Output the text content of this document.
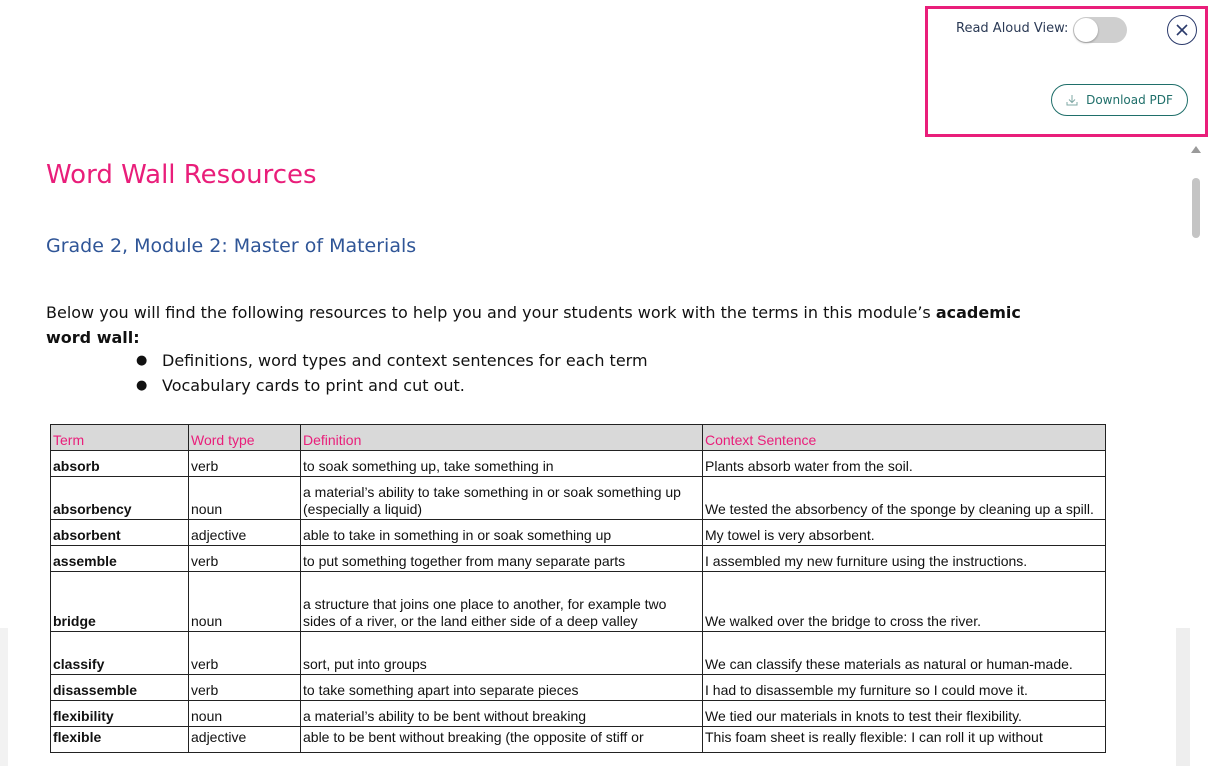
Read Aloud View:
Download PDF
Word Wall Resources
Grade 2, Module 2: Master of Materials
Below you will find the following resources to help you and your students work with the terms in this module’s academic word wall:
● Definitions, word types and context sentences for each term
● Vocabulary cards to print and cut out.
Term	Word type	Definition	Context Sentence
absorb	verb	to soak something up, take something in	Plants absorb water from the soil.
absorbency	noun	a material’s ability to take something in or soak something up (especially a liquid)	We tested the absorbency of the sponge by cleaning up a spill.
absorbent	adjective	able to take in something in or soak something up	My towel is very absorbent.
assemble	verb	to put something together from many separate parts	I assembled my new furniture using the instructions.
bridge	noun	a structure that joins one place to another, for example two sides of a river, or the land either side of a deep valley	We walked over the bridge to cross the river.
classify	verb	sort, put into groups	We can classify these materials as natural or human-made.
disassemble	verb	to take something apart into separate pieces	I had to disassemble my furniture so I could move it.
flexibility	noun	a material’s ability to be bent without breaking	We tied our materials in knots to test their flexibility.
flexible	adjective	able to be bent without breaking (the opposite of stiff or	This foam sheet is really flexible: I can roll it up without
